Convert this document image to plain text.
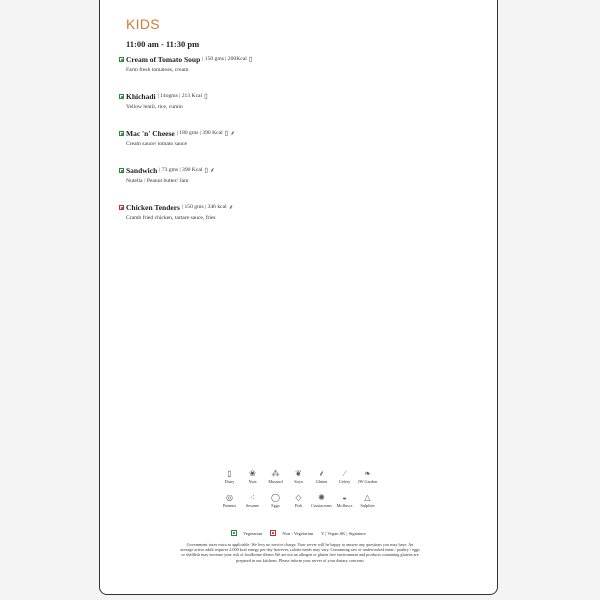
KIDS
11:00 am - 11:30 pm
Cream of Tomato Soup | 150 gms | 200Kcal ▯
Farm fresh tomatoes, cream
Khichadi | 14ogms | 213 Kcal ▯
Yellow lentil, rice, cumin
Mac 'n' Cheese | 180 gms | 390 Kcal ▯ ⸙
Cream sauce/ tomato sauce
Sandwich | 73 gms | 390 Kcal ▯ ⸙
Nutella / Peanut butter/ Jam
Chicken Tenders | 150 gms | 346 kcal ⸙
Cramb fried chicken, tartare sauce, fries
▯
Dairy
❀
Nuts
⁂
Mustard
❦
Soya
⸙
Gluten
⁄
Celery
❧
JW Garden
◎
Peanuts
⁖
Sesame
◯
Eggs
◇
Fish
✺
Crustaceans
◒
Molluscs
△
Sulphite
Vegetarian	Non - Vegetarian V | Vegan SK | Signature
Government taxes extra as applicable. We levy no service charge. Your server will be happy to answer any questions you may have. An average active adult requires 2,000 kcal energy per day however, calorie needs may vary. Consuming raw or undercooked meat / poultry / eggs or shellfish may increase your risk of foodborne illness.We are not an allergen or gluten free environment and products containing glutens are prepared in our kitchens. Please inform your server of your dietary concerns
